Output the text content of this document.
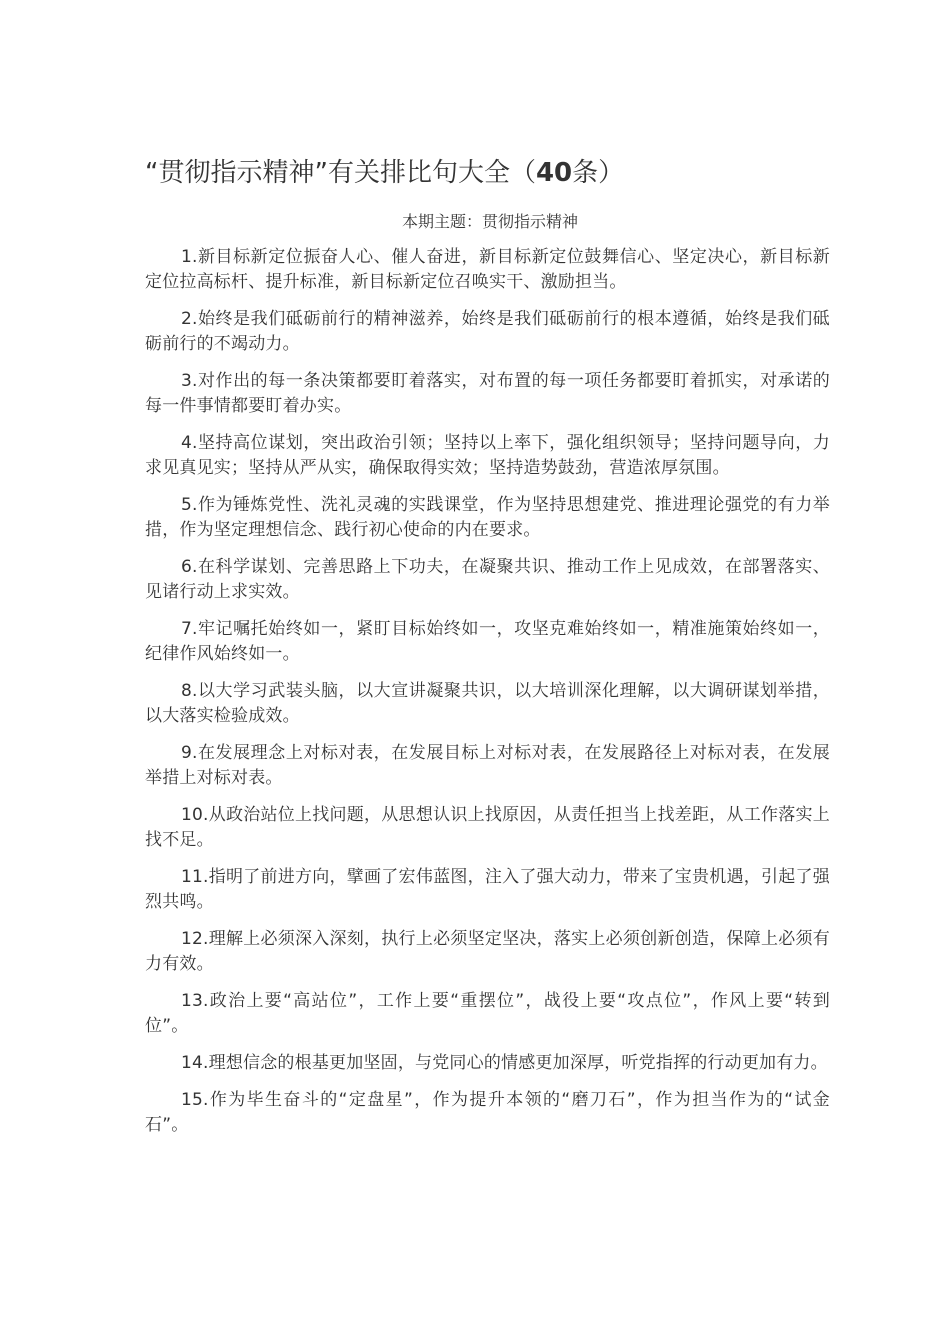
“贯彻指示精神”有关排比句大全（40条）

本期主题：贯彻指示精神

1.新目标新定位振奋人心、催人奋进，新目标新定位鼓舞信心、坚定决心，新目标新定位拉高标杆、提升标准，新目标新定位召唤实干、激励担当。

2.始终是我们砥砺前行的精神滋养，始终是我们砥砺前行的根本遵循，始终是我们砥砺前行的不竭动力。

3.对作出的每一条决策都要盯着落实，对布置的每一项任务都要盯着抓实，对承诺的每一件事情都要盯着办实。

4.坚持高位谋划，突出政治引领；坚持以上率下，强化组织领导；坚持问题导向，力求见真见实；坚持从严从实，确保取得实效；坚持造势鼓劲，营造浓厚氛围。

5.作为锤炼党性、洗礼灵魂的实践课堂，作为坚持思想建党、推进理论强党的有力举措，作为坚定理想信念、践行初心使命的内在要求。

6.在科学谋划、完善思路上下功夫，在凝聚共识、推动工作上见成效，在部署落实、见诸行动上求实效。

7.牢记嘱托始终如一，紧盯目标始终如一，攻坚克难始终如一，精准施策始终如一，纪律作风始终如一。

8.以大学习武装头脑，以大宣讲凝聚共识，以大培训深化理解，以大调研谋划举措，以大落实检验成效。

9.在发展理念上对标对表，在发展目标上对标对表，在发展路径上对标对表，在发展举措上对标对表。

10.从政治站位上找问题，从思想认识上找原因，从责任担当上找差距，从工作落实上找不足。

11.指明了前进方向，擘画了宏伟蓝图，注入了强大动力，带来了宝贵机遇，引起了强烈共鸣。

12.理解上必须深入深刻，执行上必须坚定坚决，落实上必须创新创造，保障上必须有力有效。

13.政治上要“高站位”，工作上要“重摆位”，战役上要“攻点位”，作风上要“转到位”。

14.理想信念的根基更加坚固，与党同心的情感更加深厚，听党指挥的行动更加有力。

15.作为毕生奋斗的“定盘星”，作为提升本领的“磨刀石”，作为担当作为的“试金石”。
